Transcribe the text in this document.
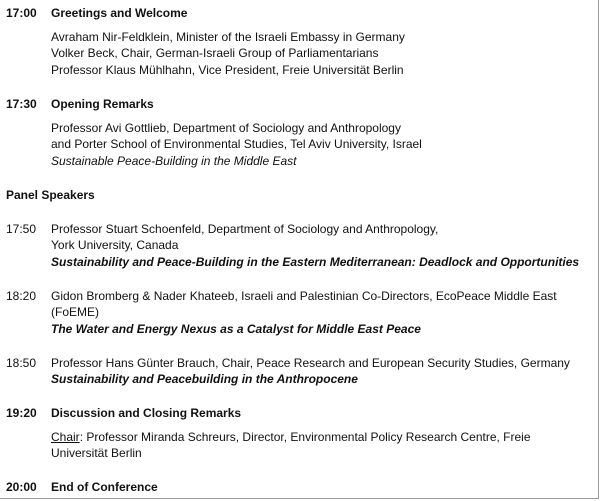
17:00 Greetings and Welcome
Avraham Nir-Feldklein, Minister of the Israeli Embassy in Germany
Volker Beck, Chair, German-Israeli Group of Parliamentarians
Professor Klaus Mühlhahn, Vice President, Freie Universität Berlin
17:30 Opening Remarks
Professor Avi Gottlieb, Department of Sociology and Anthropology
and Porter School of Environmental Studies, Tel Aviv University, Israel
Sustainable Peace-Building in the Middle East
Panel Speakers
17:50 Professor Stuart Schoenfeld, Department of Sociology and Anthropology,
York University, Canada
Sustainability and Peace-Building in the Eastern Mediterranean: Deadlock and Opportunities
18:20 Gidon Bromberg & Nader Khateeb, Israeli and Palestinian Co-Directors, EcoPeace Middle East
(FoEME)
The Water and Energy Nexus as a Catalyst for Middle East Peace
18:50 Professor Hans Günter Brauch, Chair, Peace Research and European Security Studies, Germany
Sustainability and Peacebuilding in the Anthropocene
19:20 Discussion and Closing Remarks
Chair: Professor Miranda Schreurs, Director, Environmental Policy Research Centre, Freie
Universität Berlin
20:00 End of Conference
